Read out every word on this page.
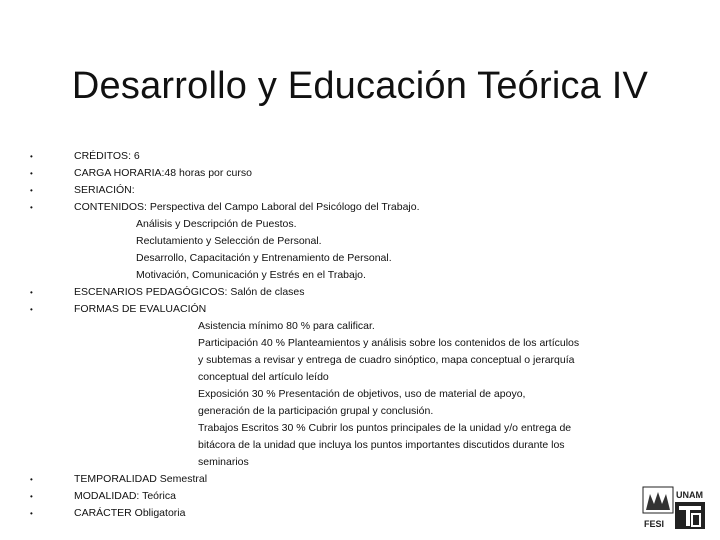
Desarrollo y Educación Teórica IV
•	CRÉDITOS: 6
•	CARGA HORARIA:48 horas por curso
•	SERIACIÓN:
•	CONTENIDOS: Perspectiva del Campo Laboral del Psicólogo del Trabajo.
Análisis y Descripción de Puestos.
Reclutamiento y Selección de Personal.
Desarrollo, Capacitación y Entrenamiento de Personal.
Motivación, Comunicación y Estrés en el Trabajo.
•	ESCENARIOS PEDAGÓGICOS: Salón de clases
•	FORMAS DE EVALUACIÓN
Asistencia mínimo 80 % para calificar.
Participación 40 % Planteamientos y análisis sobre los contenidos de los artículos
y subtemas a revisar y entrega de cuadro sinóptico, mapa conceptual o jerarquía
conceptual del artículo leído
Exposición 30 % Presentación de objetivos, uso de material de apoyo,
generación de la participación grupal y conclusión.
Trabajos Escritos 30 % Cubrir los puntos principales de la unidad y/o entrega de
bitácora de la unidad que incluya los puntos importantes discutidos durante los
seminarios
•	TEMPORALIDAD Semestral
•	MODALIDAD: Teórica
•	CARÁCTER Obligatoria
UNAM
FESI
